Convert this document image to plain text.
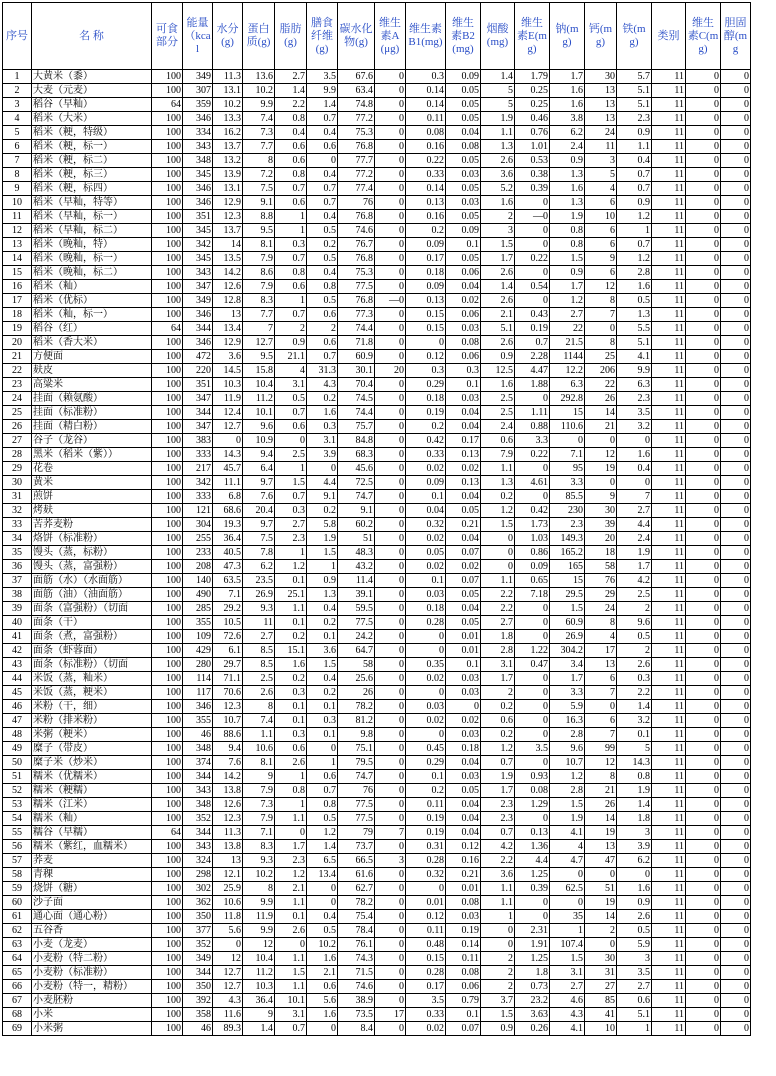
序号	名 称	可食部分	能量（kcal	水分(g)	蛋白质(g)	脂肪(g)	膳食纤维(g)	碳水化物(g)	维生素A(μg)	维生素B1(mg)	维生素B2(mg)	烟酸(mg)	维生素E(mg)	钠(mg)	钙(mg)	铁(mg)	类别	维生素C(mg)	胆固醇(mg
1	大黄米（黍）	100	349	11.3	13.6	2.7	3.5	67.6	0	0.3	0.09	1.4	1.79	1.7	30	5.7	11	0	0
2	大麦（元麦）	100	307	13.1	10.2	1.4	9.9	63.4	0	0.14	0.05	5	0.25	1.6	13	5.1	11	0	0
3	稻谷（早籼）	64	359	10.2	9.9	2.2	1.4	74.8	0	0.14	0.05	5	0.25	1.6	13	5.1	11	0	0
4	稻米（大米）	100	346	13.3	7.4	0.8	0.7	77.2	0	0.11	0.05	1.9	0.46	3.8	13	2.3	11	0	0
5	稻米（粳，特级）	100	334	16.2	7.3	0.4	0.4	75.3	0	0.08	0.04	1.1	0.76	6.2	24	0.9	11	0	0
6	稻米（粳，标一）	100	343	13.7	7.7	0.6	0.6	76.8	0	0.16	0.08	1.3	1.01	2.4	11	1.1	11	0	0
7	稻米（粳，标二）	100	348	13.2	8	0.6	0	77.7	0	0.22	0.05	2.6	0.53	0.9	3	0.4	11	0	0
8	稻米（粳，标三）	100	345	13.9	7.2	0.8	0.4	77.2	0	0.33	0.03	3.6	0.38	1.3	5	0.7	11	0	0
9	稻米（粳，标四）	100	346	13.1	7.5	0.7	0.7	77.4	0	0.14	0.05	5.2	0.39	1.6	4	0.7	11	0	0
10	稻米（早籼，特等）	100	346	12.9	9.1	0.6	0.7	76	0	0.13	0.03	1.6	0	1.3	6	0.9	11	0	0
11	稻米（早籼，标一）	100	351	12.3	8.8	1	0.4	76.8	0	0.16	0.05	2	—0	1.9	10	1.2	11	0	0
12	稻米（早籼，标二）	100	345	13.7	9.5	1	0.5	74.6	0	0.2	0.09	3	0	0.8	6	1	11	0	0
13	稻米（晚籼，特）	100	342	14	8.1	0.3	0.2	76.7	0	0.09	0.1	1.5	0	0.8	6	0.7	11	0	0
14	稻米（晚籼，标一）	100	345	13.5	7.9	0.7	0.5	76.8	0	0.17	0.05	1.7	0.22	1.5	9	1.2	11	0	0
15	稻米（晚籼，标二）	100	343	14.2	8.6	0.8	0.4	75.3	0	0.18	0.06	2.6	0	0.9	6	2.8	11	0	0
16	稻米（籼）	100	347	12.6	7.9	0.6	0.8	77.5	0	0.09	0.04	1.4	0.54	1.7	12	1.6	11	0	0
17	稻米（优标）	100	349	12.8	8.3	1	0.5	76.8	—0	0.13	0.02	2.6	0	1.2	8	0.5	11	0	0
18	稻米（籼，标一）	100	346	13	7.7	0.7	0.6	77.3	0	0.15	0.06	2.1	0.43	2.7	7	1.3	11	0	0
19	稻谷（红）	64	344	13.4	7	2	2	74.4	0	0.15	0.03	5.1	0.19	22	0	5.5	11	0	0
20	稻米（香大米）	100	346	12.9	12.7	0.9	0.6	71.8	0	0	0.08	2.6	0.7	21.5	8	5.1	11	0	0
21	方便面	100	472	3.6	9.5	21.1	0.7	60.9	0	0.12	0.06	0.9	2.28	1144	25	4.1	11	0	0
22	麸皮	100	220	14.5	15.8	4	31.3	30.1	20	0.3	0.3	12.5	4.47	12.2	206	9.9	11	0	0
23	高粱米	100	351	10.3	10.4	3.1	4.3	70.4	0	0.29	0.1	1.6	1.88	6.3	22	6.3	11	0	0
24	挂面（赖氨酸）	100	347	11.9	11.2	0.5	0.2	74.5	0	0.18	0.03	2.5	0	292.8	26	2.3	11	0	0
25	挂面（标准粉）	100	344	12.4	10.1	0.7	1.6	74.4	0	0.19	0.04	2.5	1.11	15	14	3.5	11	0	0
26	挂面（精白粉）	100	347	12.7	9.6	0.6	0.3	75.7	0	0.2	0.04	2.4	0.88	110.6	21	3.2	11	0	0
27	谷子（龙谷）	100	383	0	10.9	0	3.1	84.8	0	0.42	0.17	0.6	3.3	0	0	0	11	0	0
28	黑米（稻米（紫））	100	333	14.3	9.4	2.5	3.9	68.3	0	0.33	0.13	7.9	0.22	7.1	12	1.6	11	0	0
29	花卷	100	217	45.7	6.4	1	0	45.6	0	0.02	0.02	1.1	0	95	19	0.4	11	0	0
30	黄米	100	342	11.1	9.7	1.5	4.4	72.5	0	0.09	0.13	1.3	4.61	3.3	0	0	11	0	0
31	煎饼	100	333	6.8	7.6	0.7	9.1	74.7	0	0.1	0.04	0.2	0	85.5	9	7	11	0	0
32	烤麸	100	121	68.6	20.4	0.3	0.2	9.1	0	0.04	0.05	1.2	0.42	230	30	2.7	11	0	0
33	苦荞麦粉	100	304	19.3	9.7	2.7	5.8	60.2	0	0.32	0.21	1.5	1.73	2.3	39	4.4	11	0	0
34	烙饼（标准粉）	100	255	36.4	7.5	2.3	1.9	51	0	0.02	0.04	0	1.03	149.3	20	2.4	11	0	0
35	馒头（蒸，标粉）	100	233	40.5	7.8	1	1.5	48.3	0	0.05	0.07	0	0.86	165.2	18	1.9	11	0	0
36	馒头（蒸，富强粉）	100	208	47.3	6.2	1.2	1	43.2	0	0.02	0.02	0	0.09	165	58	1.7	11	0	0
37	面筋（水）（水面筋）	100	140	63.5	23.5	0.1	0.9	11.4	0	0.1	0.07	1.1	0.65	15	76	4.2	11	0	0
38	面筋（油）（油面筋）	100	490	7.1	26.9	25.1	1.3	39.1	0	0.03	0.05	2.2	7.18	29.5	29	2.5	11	0	0
39	面条（富强粉）（切面	100	285	29.2	9.3	1.1	0.4	59.5	0	0.18	0.04	2.2	0	1.5	24	2	11	0	0
40	面条（干）	100	355	10.5	11	0.1	0.2	77.5	0	0.28	0.05	2.7	0	60.9	8	9.6	11	0	0
41	面条（煮，富强粉）	100	109	72.6	2.7	0.2	0.1	24.2	0	0	0.01	1.8	0	26.9	4	0.5	11	0	0
42	面条（虾蓉面）	100	429	6.1	8.5	15.1	3.6	64.7	0	0	0.01	2.8	1.22	304.2	17	2	11	0	0
43	面条（标准粉）（切面	100	280	29.7	8.5	1.6	1.5	58	0	0.35	0.1	3.1	0.47	3.4	13	2.6	11	0	0
44	米饭（蒸，籼米）	100	114	71.1	2.5	0.2	0.4	25.6	0	0.02	0.03	1.7	0	1.7	6	0.3	11	0	0
45	米饭（蒸，粳米）	100	117	70.6	2.6	0.3	0.2	26	0	0	0.03	2	0	3.3	7	2.2	11	0	0
46	米粉（干，细）	100	346	12.3	8	0.1	0.1	78.2	0	0.03	0	0.2	0	5.9	0	1.4	11	0	0
47	米粉（排米粉）	100	355	10.7	7.4	0.1	0.3	81.2	0	0.02	0.02	0.6	0	16.3	6	3.2	11	0	0
48	米粥（粳米）	100	46	88.6	1.1	0.3	0.1	9.8	0	0	0.03	0.2	0	2.8	7	0.1	11	0	0
49	糜子（带皮）	100	348	9.4	10.6	0.6	0	75.1	0	0.45	0.18	1.2	3.5	9.6	99	5	11	0	0
50	糜子米（炒米）	100	374	7.6	8.1	2.6	1	79.5	0	0.29	0.04	0.7	0	10.7	12	14.3	11	0	0
51	糯米（优糯米）	100	344	14.2	9	1	0.6	74.7	0	0.1	0.03	1.9	0.93	1.2	8	0.8	11	0	0
52	糯米（粳糯）	100	343	13.8	7.9	0.8	0.7	76	0	0.2	0.05	1.7	0.08	2.8	21	1.9	11	0	0
53	糯米（江米）	100	348	12.6	7.3	1	0.8	77.5	0	0.11	0.04	2.3	1.29	1.5	26	1.4	11	0	0
54	糯米（籼）	100	352	12.3	7.9	1.1	0.5	77.5	0	0.19	0.04	2.3	0	1.9	14	1.8	11	0	0
55	糯谷（早糯）	64	344	11.3	7.1	0	1.2	79	7	0.19	0.04	0.7	0.13	4.1	19	3	11	0	0
56	糯米（紫红，血糯米）	100	343	13.8	8.3	1.7	1.4	73.7	0	0.31	0.12	4.2	1.36	4	13	3.9	11	0	0
57	荞麦	100	324	13	9.3	2.3	6.5	66.5	3	0.28	0.16	2.2	4.4	4.7	47	6.2	11	0	0
58	青稞	100	298	12.1	10.2	1.2	13.4	61.6	0	0.32	0.21	3.6	1.25	0	0	0	11	0	0
59	烧饼（糖）	100	302	25.9	8	2.1	0	62.7	0	0	0.01	1.1	0.39	62.5	51	1.6	11	0	0
60	沙子面	100	362	10.6	9.9	1.1	0	78.2	0	0.01	0.08	1.1	0	0	19	0.9	11	0	0
61	通心面（通心粉）	100	350	11.8	11.9	0.1	0.4	75.4	0	0.12	0.03	1	0	35	14	2.6	11	0	0
62	五谷香	100	377	5.6	9.9	2.6	0.5	78.4	0	0.11	0.19	0	2.31	1	2	0.5	11	0	0
63	小麦（龙麦）	100	352	0	12	0	10.2	76.1	0	0.48	0.14	0	1.91	107.4	0	5.9	11	0	0
64	小麦粉（特二粉）	100	349	12	10.4	1.1	1.6	74.3	0	0.15	0.11	2	1.25	1.5	30	3	11	0	0
65	小麦粉（标准粉）	100	344	12.7	11.2	1.5	2.1	71.5	0	0.28	0.08	2	1.8	3.1	31	3.5	11	0	0
66	小麦粉（特一，精粉）	100	350	12.7	10.3	1.1	0.6	74.6	0	0.17	0.06	2	0.73	2.7	27	2.7	11	0	0
67	小麦胚粉	100	392	4.3	36.4	10.1	5.6	38.9	0	3.5	0.79	3.7	23.2	4.6	85	0.6	11	0	0
68	小米	100	358	11.6	9	3.1	1.6	73.5	17	0.33	0.1	1.5	3.63	4.3	41	5.1	11	0	0
69	小米粥	100	46	89.3	1.4	0.7	0	8.4	0	0.02	0.07	0.9	0.26	4.1	10	1	11	0	0
